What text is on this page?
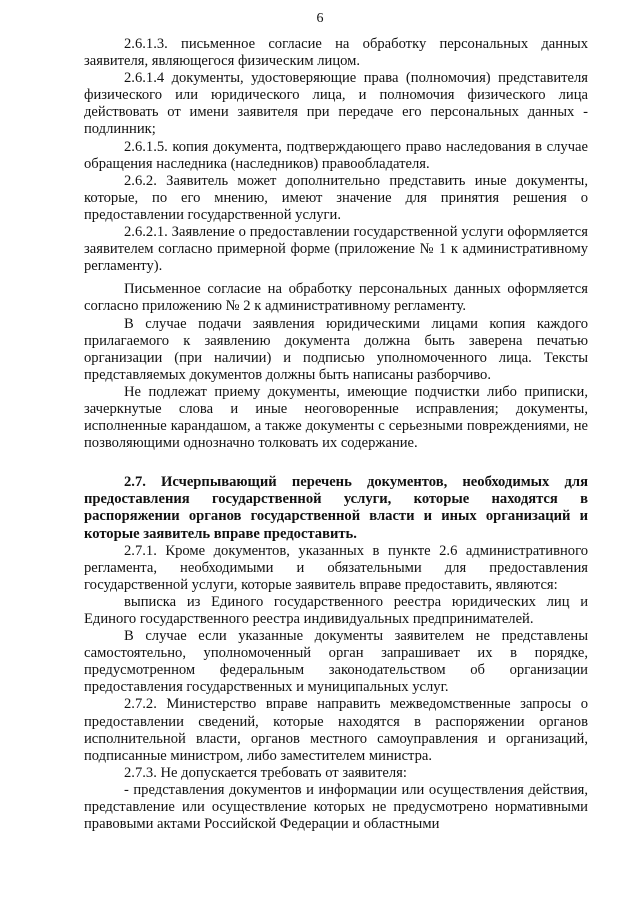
6

2.6.1.3. письменное согласие на обработку персональных данных заявителя, являющегося физическим лицом.

2.6.1.4 документы, удостоверяющие права (полномочия) представителя физического или юридического лица, и полномочия физического лица действовать от имени заявителя при передаче его персональных данных - подлинник;

2.6.1.5. копия документа, подтверждающего право наследования в случае обращения наследника (наследников) правообладателя.

2.6.2. Заявитель может дополнительно представить иные документы, которые, по его мнению, имеют значение для принятия решения о предоставлении государственной услуги.

2.6.2.1. Заявление о предоставлении государственной услуги оформляется заявителем согласно примерной форме (приложение № 1 к административному регламенту).

Письменное согласие на обработку персональных данных оформляется согласно приложению № 2 к административному регламенту.

В случае подачи заявления юридическими лицами копия каждого прилагаемого к заявлению документа должна быть заверена печатью организации (при наличии) и подписью уполномоченного лица. Тексты представляемых документов должны быть написаны разборчиво.

Не подлежат приему документы, имеющие подчистки либо приписки, зачеркнутые слова и иные неоговоренные исправления; документы, исполненные карандашом, а также документы с серьезными повреждениями, не позволяющими однозначно толковать их содержание.

2.7. Исчерпывающий перечень документов, необходимых для предоставления государственной услуги, которые находятся в распоряжении органов государственной власти и иных организаций и которые заявитель вправе предоставить.

2.7.1. Кроме документов, указанных в пункте 2.6 административного регламента, необходимыми и обязательными для предоставления государственной услуги, которые заявитель вправе предоставить, являются:

выписка из Единого государственного реестра юридических лиц и Единого государственного реестра индивидуальных предпринимателей.

В случае если указанные документы заявителем не представлены самостоятельно, уполномоченный орган запрашивает их в порядке, предусмотренном федеральным законодательством об организации предоставления государственных и муниципальных услуг.

2.7.2. Министерство вправе направить межведомственные запросы о предоставлении сведений, которые находятся в распоряжении органов исполнительной власти, органов местного самоуправления и организаций, подписанные министром, либо заместителем министра.

2.7.3. Не допускается требовать от заявителя:

- представления документов и информации или осуществления действия, представление или осуществление которых не предусмотрено нормативными правовыми актами Российской Федерации и областными
